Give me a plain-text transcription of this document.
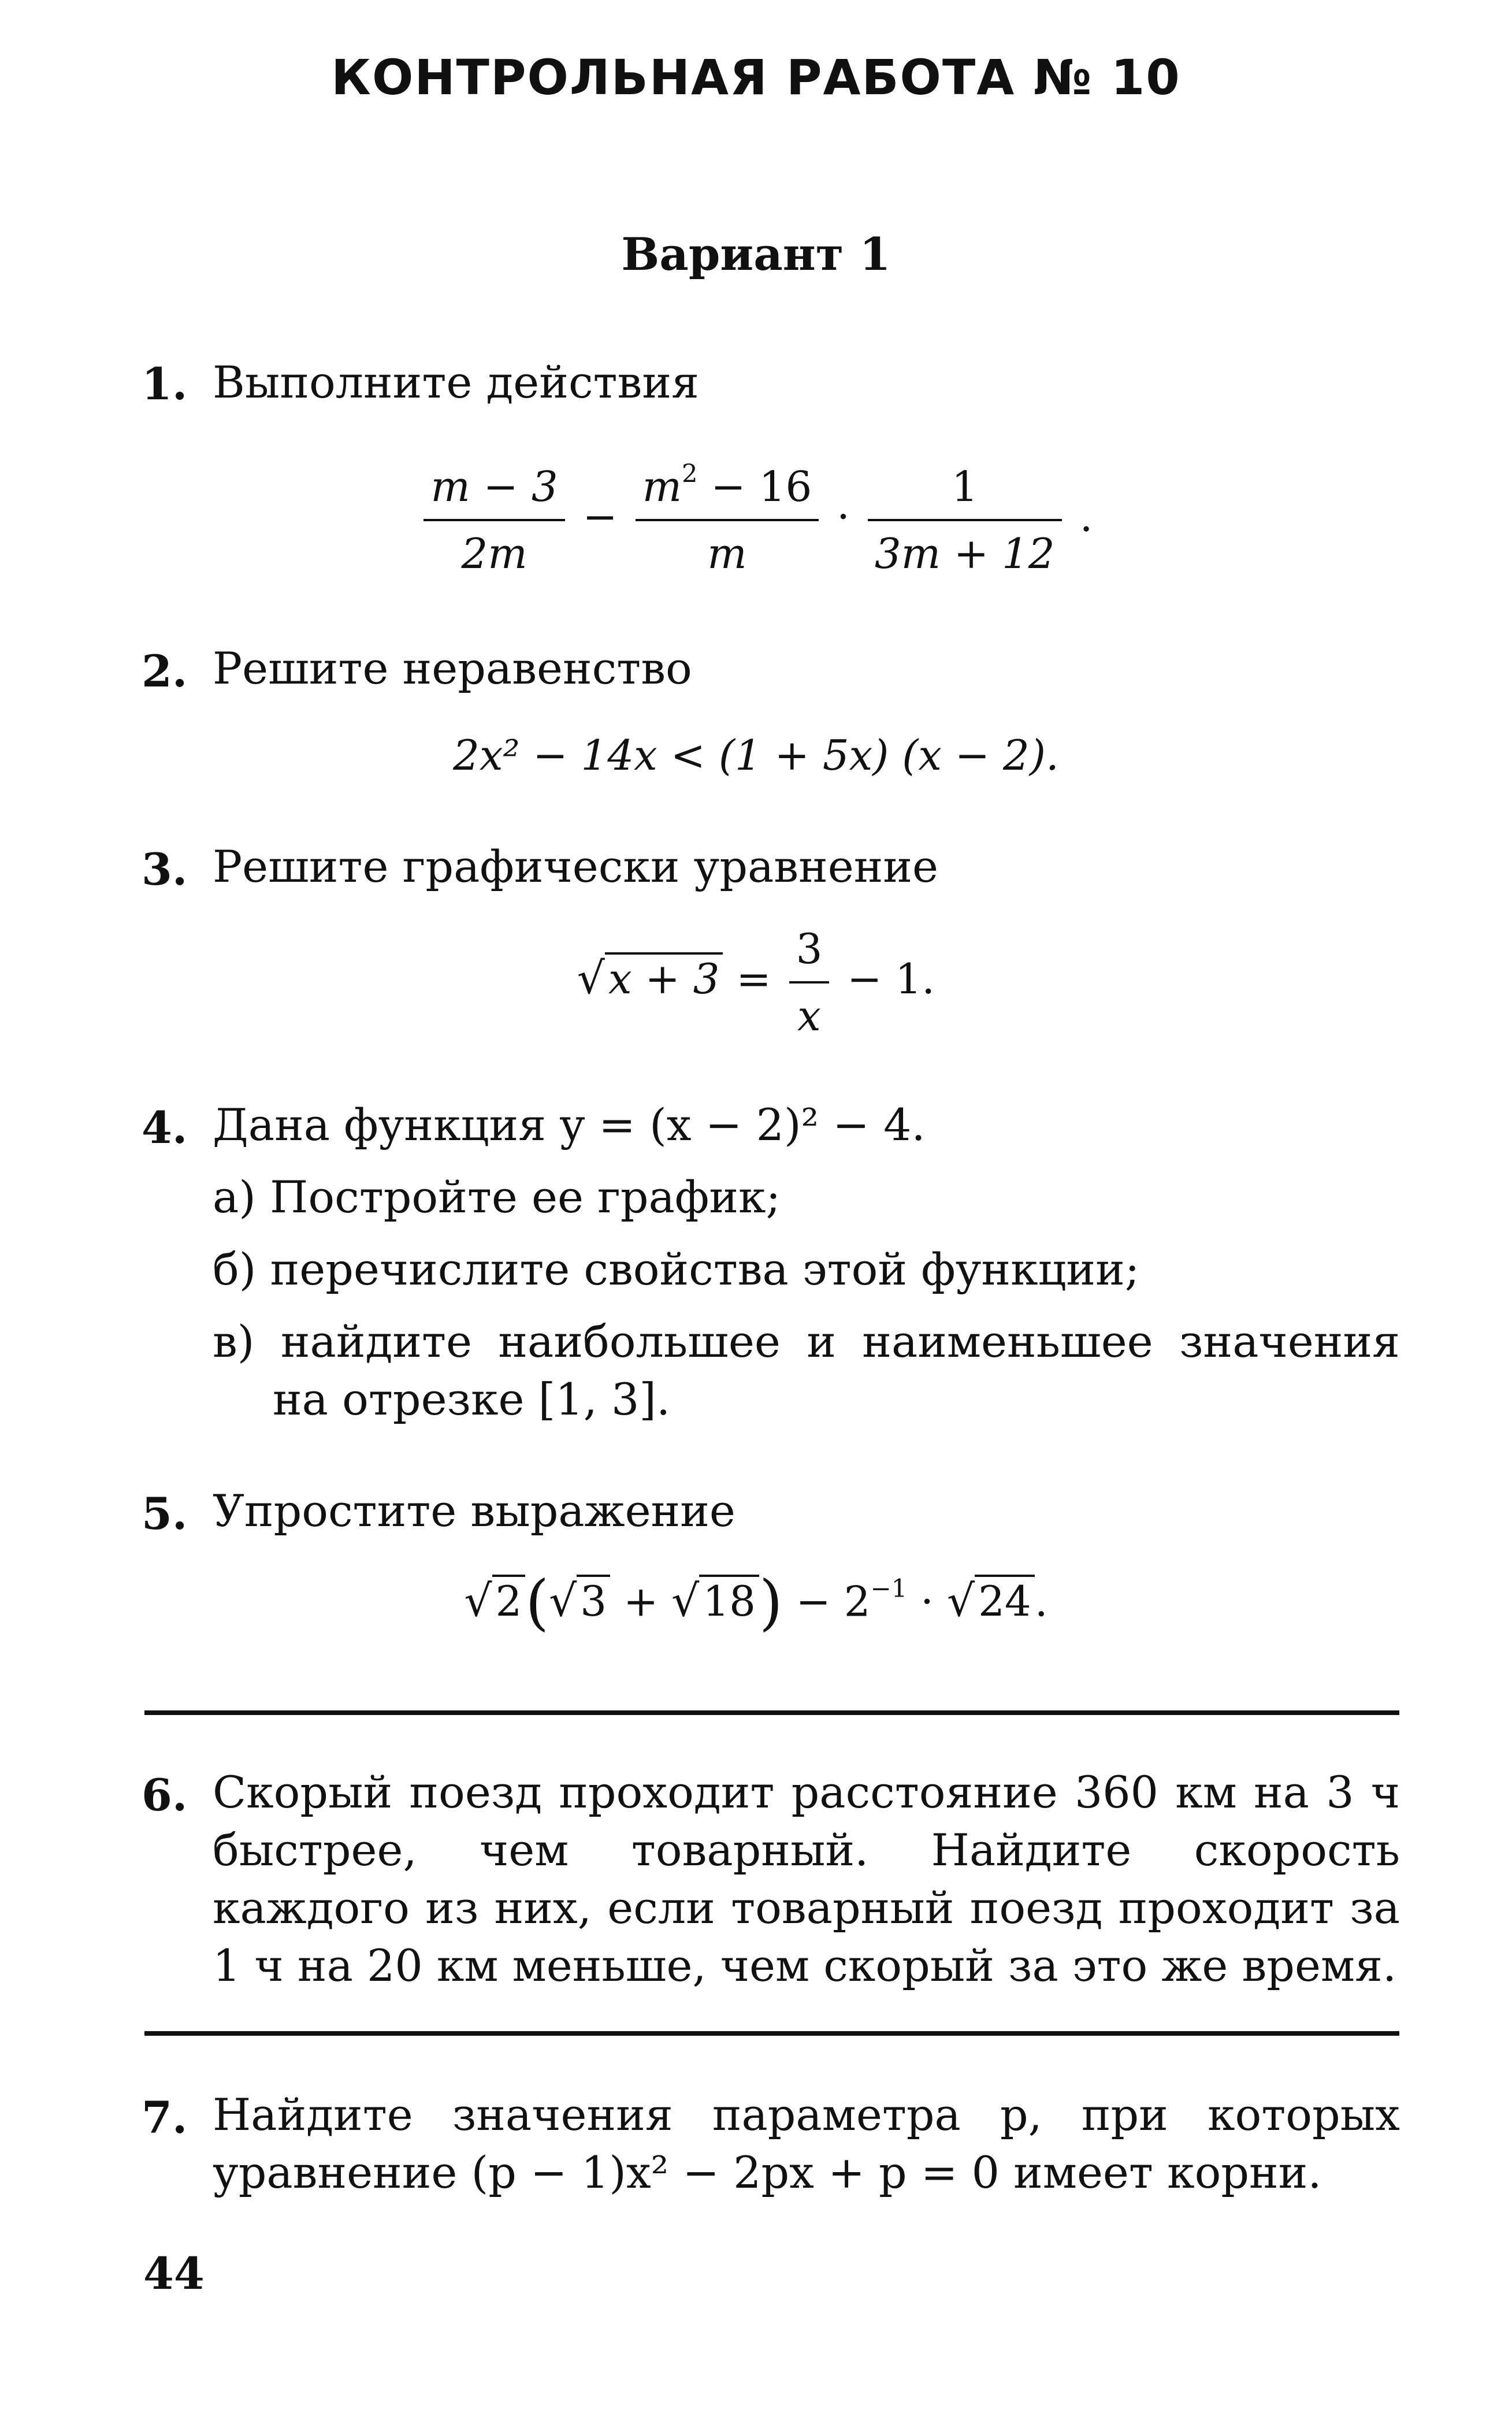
КОНТРОЛЬНАЯ РАБОТА № 10
Вариант 1
1. Выполните действия
$\frac{m - 3}{2m} - \frac{m^2 - 16}{m} \cdot \frac{1}{3m + 12}$ .
2. Решите неравенство
2x² − 14x < (1 + 5x) (x − 2).
3. Решите графически уравнение
$√x + 3 = \frac{3}{x} - 1$.
4. Дана функция y = (x − 2)² − 4.
а) Постройте ее график;
б) перечислите свойства этой функции;
в) найдите наибольшее и наименьшее значения на отрезке [1, 3].
5. Упростите выражение
$√2(√3 + √18) - 2^{-1} \cdot √24$.
6. Скорый поезд проходит расстояние 360 км на 3 ч быстрее, чем товарный. Найдите скорость каждого из них, если товарный поезд проходит за 1 ч на 20 км меньше, чем скорый за это же время.
7. Найдите значения параметра p, при которых уравнение (p − 1)x² − 2px + p = 0 имеет корни.
44
